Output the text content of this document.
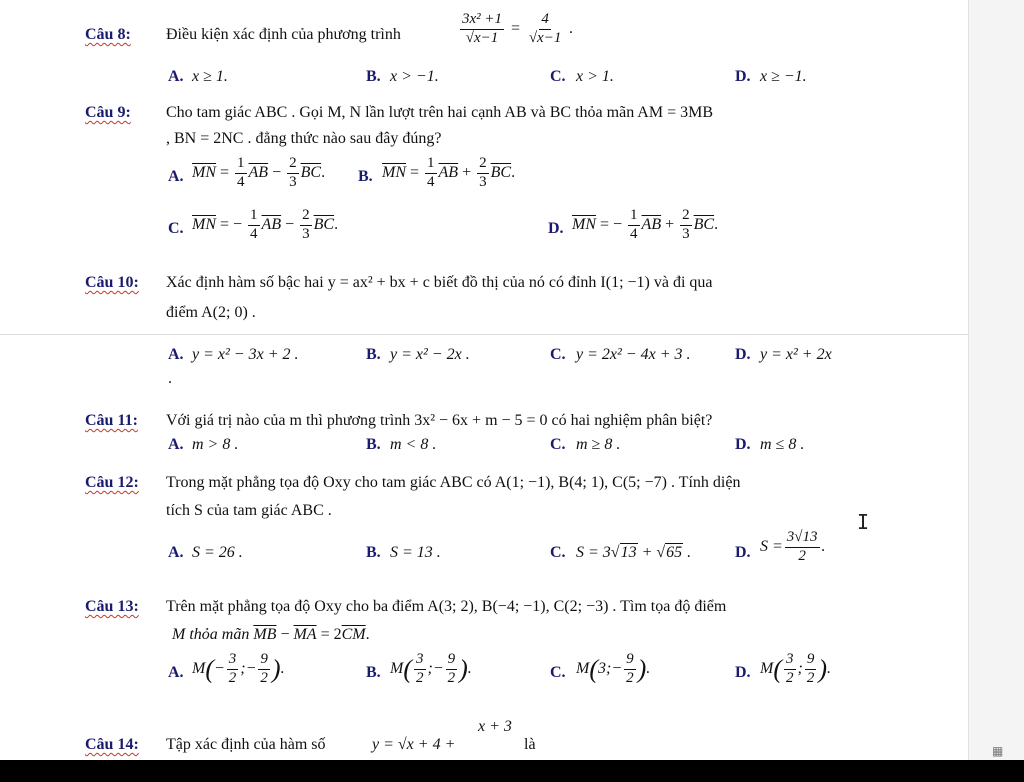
Câu 8: Điều kiện xác định của phương trình	$\frac{\text{3x² +1}}{√x-1} = \frac{4}{√x-1}$ .
A. x ≥ 1.	B. x > −1.	C. x > 1.	D. x ≥ −1.
Câu 9: Cho tam giác ABC . Gọi M, N lần lượt trên hai cạnh AB và BC thỏa mãn AM = 3MB
, BN = 2NC . đẳng thức nào sau đây đúng?
A. $\overline{MN} = \frac{1}{4} \overline{AB} - \frac{2}{3} \overline{BC}$. B. $\overline{MN} = \frac{1}{4} \overline{AB} + \frac{2}{3} \overline{BC}$.
C. $\overline{MN}$ = − $\frac{1}{4} \overline{AB} - \frac{2}{3} \overline{BC}$.	D. $\overline{MN}$ = − $\frac{1}{4} \overline{AB} + \frac{2}{3} \overline{BC}$.
Câu 10: Xác định hàm số bậc hai y = ax² + bx + c biết đồ thị của nó có đỉnh I(1; −1) và đi qua
điểm A(2; 0) .
A. y = x² − 3x + 2 .	B. y = x² − 2x .	C. y = 2x² − 4x + 3 .	D. y = x² + 2x
.
Câu 11: Với giá trị nào của m thì phương trình 3x² − 6x + m − 5 = 0 có hai nghiệm phân biệt?
A. m > 8 .	B. m < 8 .	C. m ≥ 8 .	D. m ≤ 8 .
Câu 12: Trong mặt phẳng tọa độ Oxy cho tam giác ABC có A(1; −1), B(4; 1), C(5; −7) . Tính diện
tích S của tam giác ABC .
A. S = 26 .	B. S = 13 .	C. S = 3√13 + √65 .	D. $S = \frac{3√13}{2}$ .
Câu 13: Trên mặt phẳng tọa độ Oxy cho ba điểm A(3; 2), B(−4; −1), C(2; −3) . Tìm tọa độ điểm
M thỏa mãn $\overline{MB} - \overline{MA} = 2\overline{CM}$.
A. $M(- \frac{3}{2}$ ;− $\frac{9}{2}$ ).	B. $M( \frac{3}{2}$ ;− $\frac{9}{2}$ ).	C. M(3;− $\frac{9}{2}$ ).	D. $M( \frac{3}{2}$ ; $\frac{9}{2}$ ).
Câu 14: Tập xác định của hàm số	y = √x + 4 +
x + 3
là
I
▦
